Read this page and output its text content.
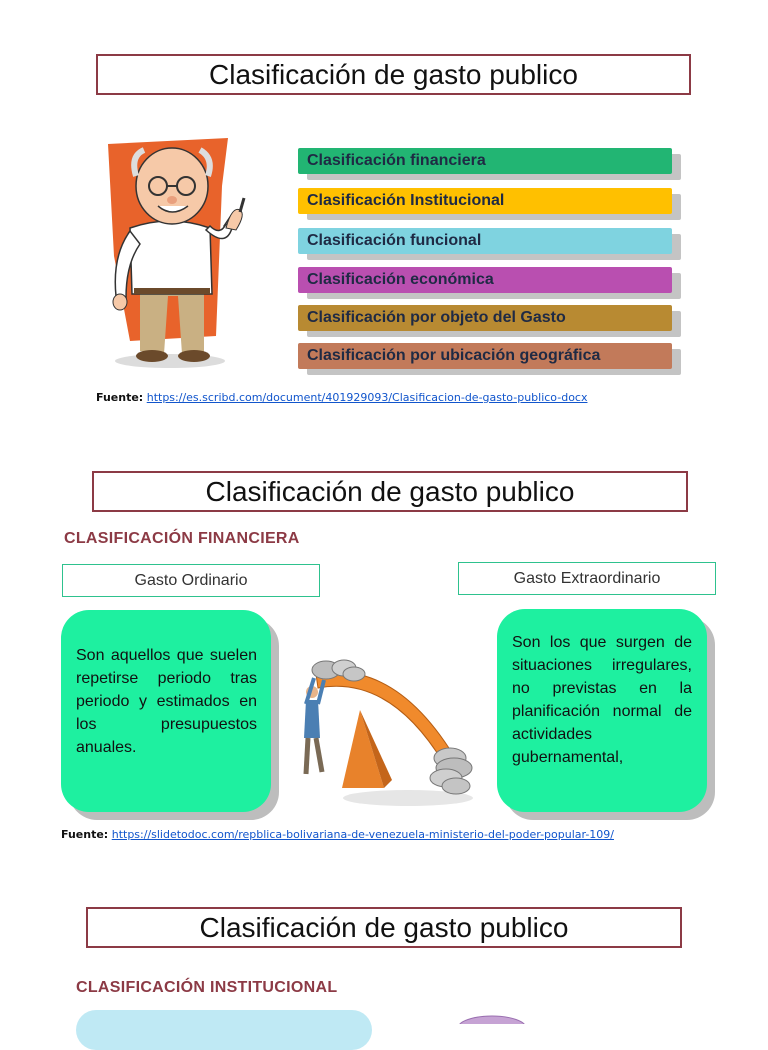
Clasificación de gasto publico
Clasificación financiera
Clasificación Institucional
Clasificación funcional
Clasificación económica
Clasificación por objeto del Gasto
Clasificación por ubicación geográfica
Fuente: https://es.scribd.com/document/401929093/Clasificacion-de-gasto-publico-docx
Clasificación de gasto publico
CLASIFICACIÓN FINANCIERA
Gasto Ordinario	Gasto Extraordinario
Son aquellos que suelen repetirse periodo tras periodo y estimados en los presupuestos anuales.
Son los que surgen de situaciones irregulares, no previstas en la planificación normal de actividades gubernamental,
Fuente: https://slidetodoc.com/repblica-bolivariana-de-venezuela-ministerio-del-poder-popular-109/
Clasificación de gasto publico
CLASIFICACIÓN INSTITUCIONAL
